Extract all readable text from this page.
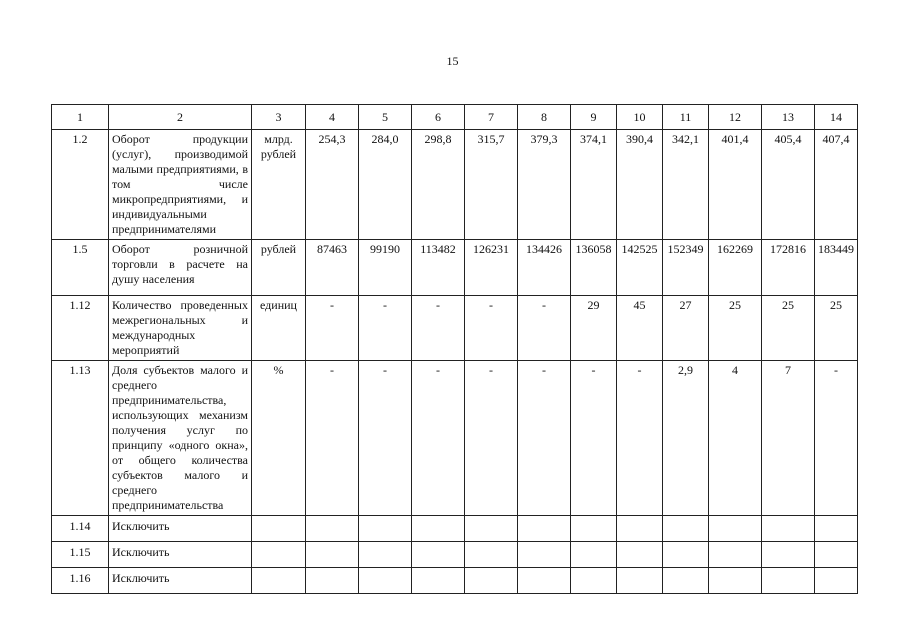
15
1	2	3	4	5	6	7	8	9	10	11	12	13	14
1.2	Оборот продукции (услуг), производимой малыми предприятиями, в том числе микропредприятиями, и индивидуальными предпринимателями	млрд. рублей	254,3	284,0	298,8	315,7	379,3	374,1	390,4	342,1	401,4	405,4	407,4
1.5	Оборот розничной торговли в расчете на душу населения	рублей	87463	99190	113482	126231	134426	136058	142525	152349	162269	172816	183449
1.12	Количество проведенных межрегиональных и международных мероприятий	единиц	-	-	-	-	-	29	45	27	25	25	25
1.13	Доля субъектов малого и среднего предпринимательства, использующих механизм получения услуг по принципу «одного окна», от общего количества субъектов малого и среднего предпринимательства	%	-	-	-	-	-	-	-	2,9	4	7	-
1.14	Исключить												
1.15	Исключить												
1.16	Исключить												
